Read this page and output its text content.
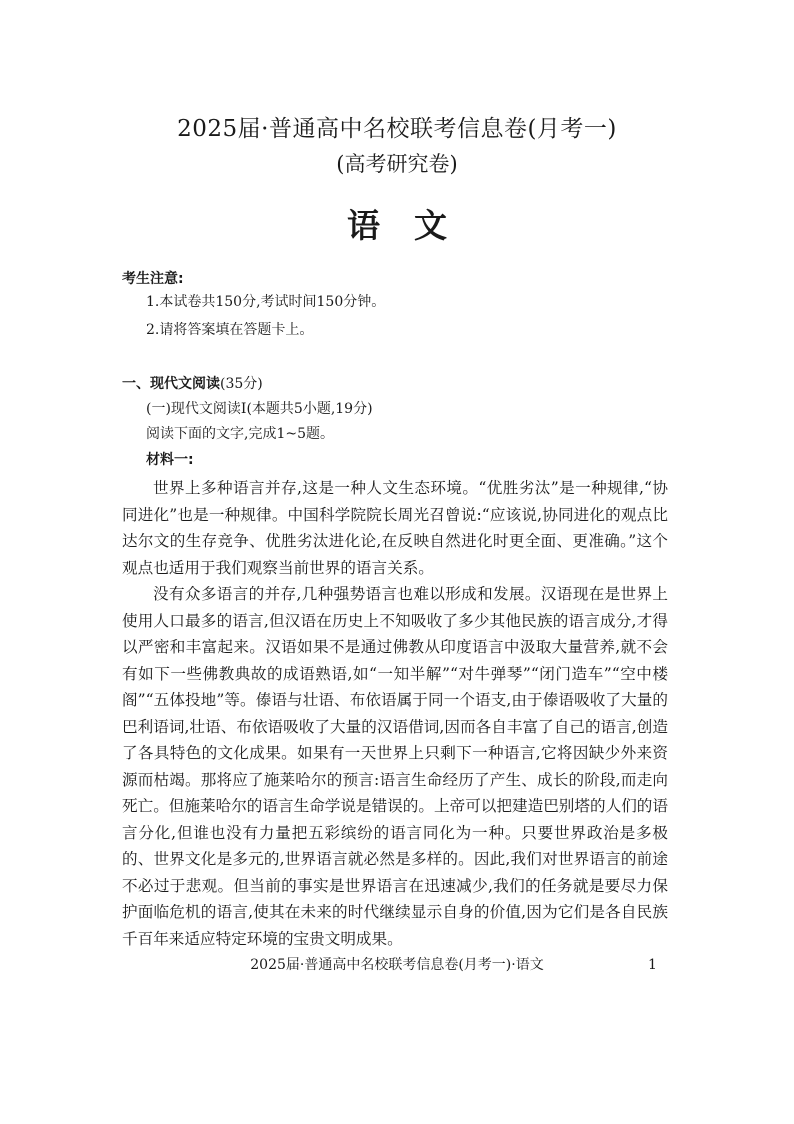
2025届·普通高中名校联考信息卷(月考一)
(高考研究卷)
语文
考生注意:
1.本试卷共150分,考试时间150分钟。
2.请将答案填在答题卡上。
一、现代文阅读(35分)
(一)现代文阅读Ⅰ(本题共5小题,19分)
阅读下面的文字,完成1~5题。
材料一:

世界上多种语言并存,这是一种人文生态环境。“优胜劣汰”是一种规律,“协同进化”也是一种规律。中国科学院院长周光召曾说:“应该说,协同进化的观点比达尔文的生存竞争、优胜劣汰进化论,在反映自然进化时更全面、更准确。”这个观点也适用于我们观察当前世界的语言关系。

没有众多语言的并存,几种强势语言也难以形成和发展。汉语现在是世界上使用人口最多的语言,但汉语在历史上不知吸收了多少其他民族的语言成分,才得以严密和丰富起来。汉语如果不是通过佛教从印度语言中汲取大量营养,就不会有如下一些佛教典故的成语熟语,如“一知半解”“对牛弹琴”“闭门造车”“空中楼阁”“五体投地”等。傣语与壮语、布依语属于同一个语支,由于傣语吸收了大量的巴利语词,壮语、布依语吸收了大量的汉语借词,因而各自丰富了自己的语言,创造了各具特色的文化成果。如果有一天世界上只剩下一种语言,它将因缺少外来资源而枯竭。那将应了施莱哈尔的预言:语言生命经历了产生、成长的阶段,而走向死亡。但施莱哈尔的语言生命学说是错误的。上帝可以把建造巴别塔的人们的语言分化,但谁也没有力量把五彩缤纷的语言同化为一种。只要世界政治是多极的、世界文化是多元的,世界语言就必然是多样的。因此,我们对世界语言的前途不必过于悲观。但当前的事实是世界语言在迅速减少,我们的任务就是要尽力保护面临危机的语言,使其在未来的时代继续显示自身的价值,因为它们是各自民族千百年来适应特定环境的宝贵文明成果。

2025届·普通高中名校联考信息卷(月考一)·语文	1
